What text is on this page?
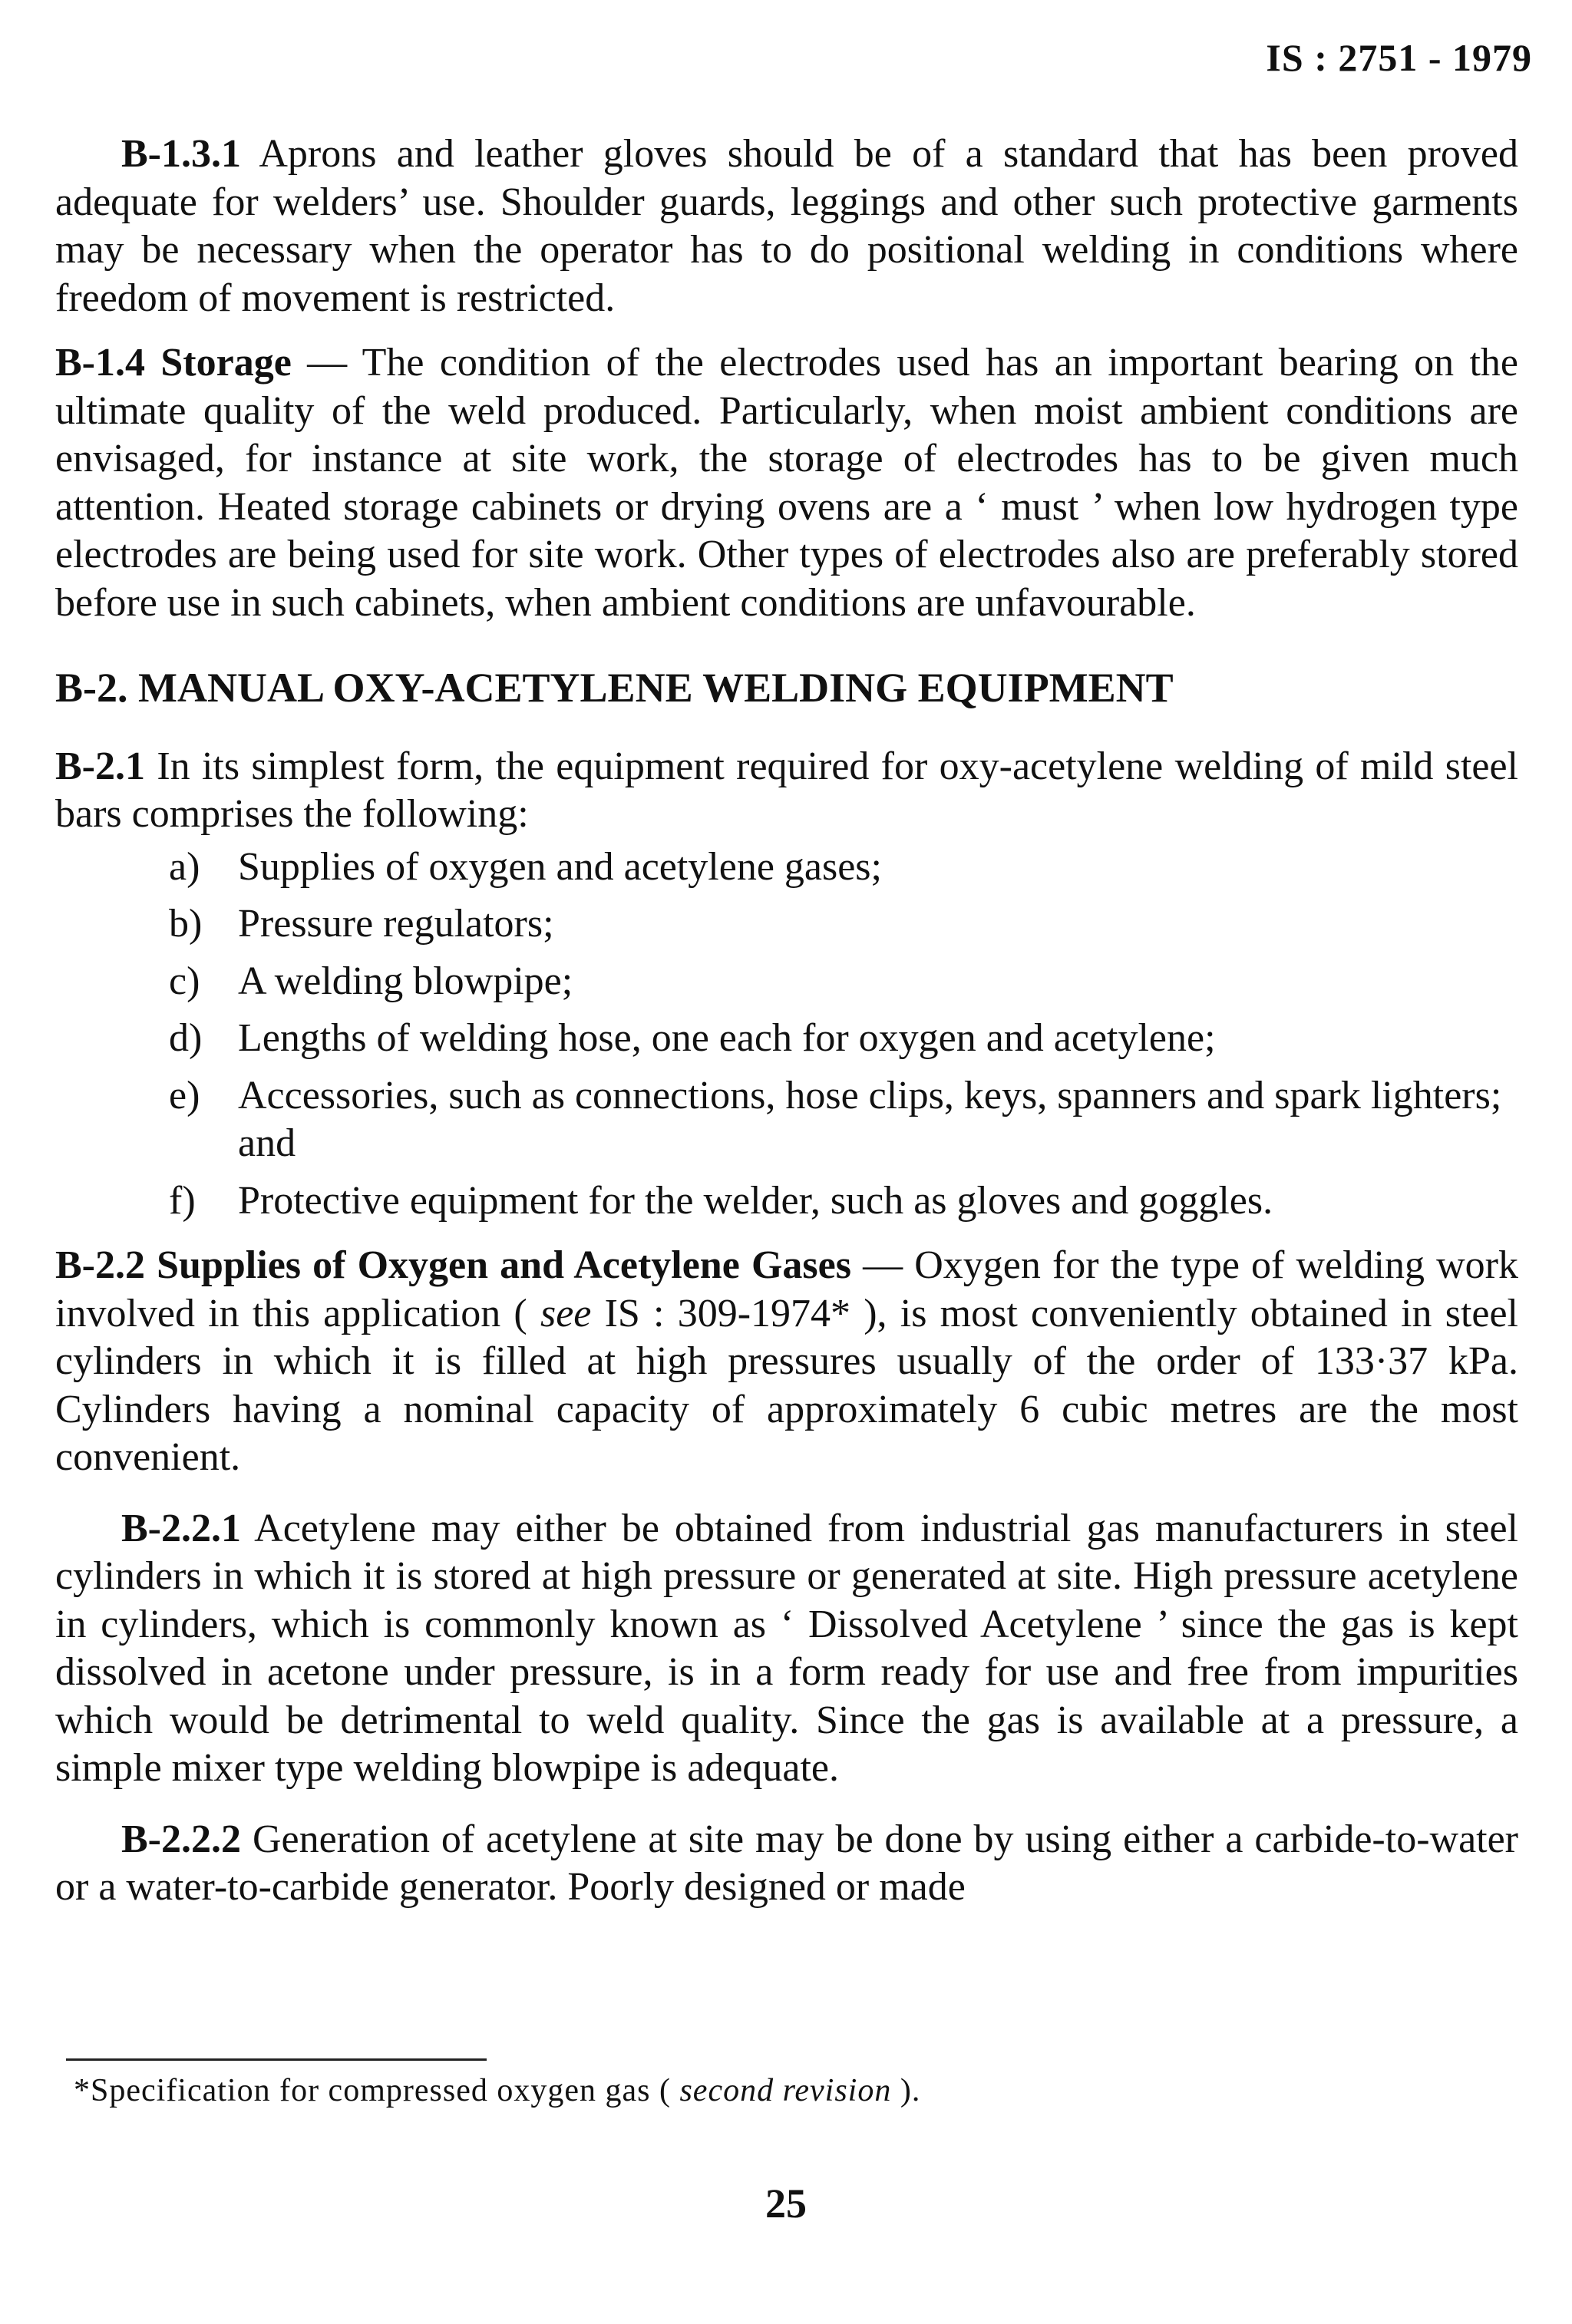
IS : 2751 - 1979

B-1.3.1 Aprons and leather gloves should be of a standard that has been proved adequate for welders’ use. Shoulder guards, leggings and other such protective garments may be necessary when the operator has to do positional welding in conditions where freedom of movement is restricted.

B-1.4 Storage — The condition of the electrodes used has an important bearing on the ultimate quality of the weld produced. Particularly, when moist ambient conditions are envisaged, for instance at site work, the storage of electrodes has to be given much attention. Heated storage cabinets or drying ovens are a ‘ must ’ when low hydrogen type electrodes are being used for site work. Other types of electrodes also are preferably stored before use in such cabinets, when ambient conditions are unfavourable.

B-2. MANUAL OXY-ACETYLENE WELDING EQUIPMENT

B-2.1 In its simplest form, the equipment required for oxy-acetylene welding of mild steel bars comprises the following:

a) Supplies of oxygen and acetylene gases;
b) Pressure regulators;
c) A welding blowpipe;
d) Lengths of welding hose, one each for oxygen and acetylene;
e) Accessories, such as connections, hose clips, keys, spanners and spark lighters; and
f)	Protective equipment for the welder, such as gloves and goggles.

B-2.2 Supplies of Oxygen and Acetylene Gases — Oxygen for the type of welding work involved in this application ( see IS : 309-1974* ), is most conveniently obtained in steel cylinders in which it is filled at high pressures usually of the order of 133·37 kPa. Cylinders having a nominal capacity of approximately 6 cubic metres are the most convenient.

B-2.2.1 Acetylene may either be obtained from industrial gas manufacturers in steel cylinders in which it is stored at high pressure or generated at site. High pressure acetylene in cylinders, which is commonly known as ‘ Dissolved Acetylene ’ since the gas is kept dissolved in acetone under pressure, is in a form ready for use and free from impurities which would be detrimental to weld quality. Since the gas is available at a pressure, a simple mixer type welding blowpipe is adequate.

B-2.2.2 Generation of acetylene at site may be done by using either a carbide-to-water or a water-to-carbide generator. Poorly designed or made

*Specification for compressed oxygen gas ( second revision ).
25
